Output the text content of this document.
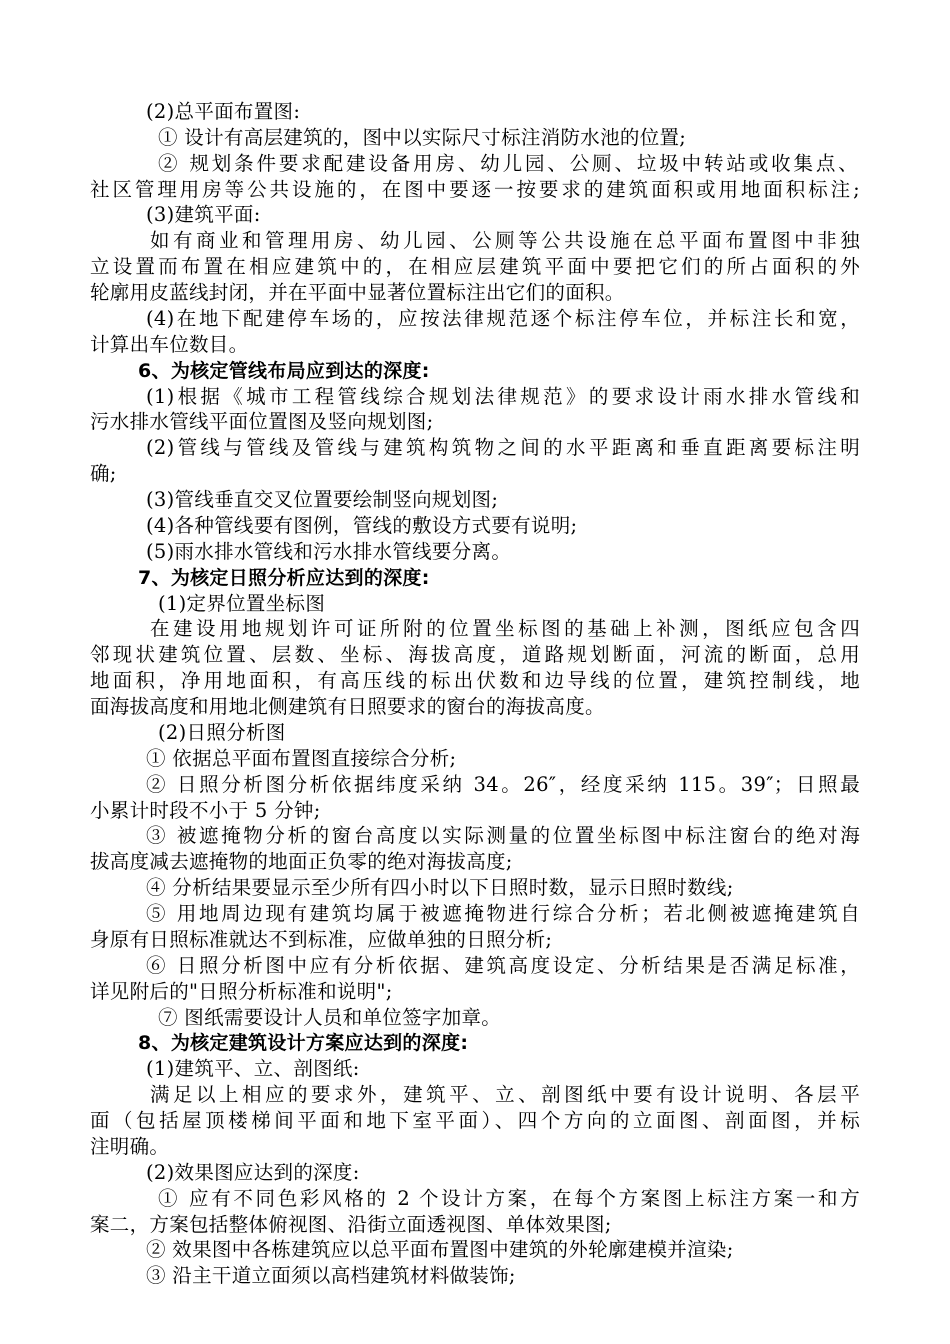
(2)总平面布置图:
① 设计有高层建筑的，图中以实际尺寸标注消防水池的位置;
② 规划条件要求配建设备用房、幼儿园、公厕、垃圾中转站或收集点、
社区管理用房等公共设施的，在图中要逐一按要求的建筑面积或用地面积标注;
(3)建筑平面:
如有商业和管理用房、幼儿园、公厕等公共设施在总平面布置图中非独
立设置而布置在相应建筑中的，在相应层建筑平面中要把它们的所占面积的外
轮廓用皮蓝线封闭，并在平面中显著位置标注出它们的面积。
(4)在地下配建停车场的，应按法律规范逐个标注停车位，并标注长和宽，
计算出车位数目。
6、为核定管线布局应到达的深度:
(1)根据《城市工程管线综合规划法律规范》的要求设计雨水排水管线和
污水排水管线平面位置图及竖向规划图;
(2)管线与管线及管线与建筑构筑物之间的水平距离和垂直距离要标注明
确;
(3)管线垂直交叉位置要绘制竖向规划图;
(4)各种管线要有图例，管线的敷设方式要有说明;
(5)雨水排水管线和污水排水管线要分离。
7、为核定日照分析应达到的深度:
(1)定界位置坐标图
在建设用地规划许可证所附的位置坐标图的基础上补测，图纸应包含四
邻现状建筑位置、层数、坐标、海拔高度，道路规划断面，河流的断面，总用
地面积，净用地面积，有高压线的标出伏数和边导线的位置，建筑控制线，地
面海拔高度和用地北侧建筑有日照要求的窗台的海拔高度。
(2)日照分析图
① 依据总平面布置图直接综合分析;
② 日照分析图分析依据纬度采纳 34。26″，经度采纳 115。39″；日照最
小累计时段不小于 5 分钟;
③ 被遮掩物分析的窗台高度以实际测量的位置坐标图中标注窗台的绝对海
拔高度减去遮掩物的地面正负零的绝对海拔高度;
④ 分析结果要显示至少所有四小时以下日照时数，显示日照时数线;
⑤ 用地周边现有建筑均属于被遮掩物进行综合分析；若北侧被遮掩建筑自
身原有日照标准就达不到标准，应做单独的日照分析;
⑥ 日照分析图中应有分析依据、建筑高度设定、分析结果是否满足标准，
详见附后的"日照分析标准和说明";
⑦ 图纸需要设计人员和单位签字加章。
8、为核定建筑设计方案应达到的深度:
(1)建筑平、立、剖图纸:
满足以上相应的要求外，建筑平、立、剖图纸中要有设计说明、各层平
面（包括屋顶楼梯间平面和地下室平面）、四个方向的立面图、剖面图，并标
注明确。
(2)效果图应达到的深度:
① 应有不同色彩风格的 2 个设计方案，在每个方案图上标注方案一和方
案二，方案包括整体俯视图、沿街立面透视图、单体效果图;
② 效果图中各栋建筑应以总平面布置图中建筑的外轮廓建模并渲染;
③ 沿主干道立面须以高档建筑材料做装饰;
